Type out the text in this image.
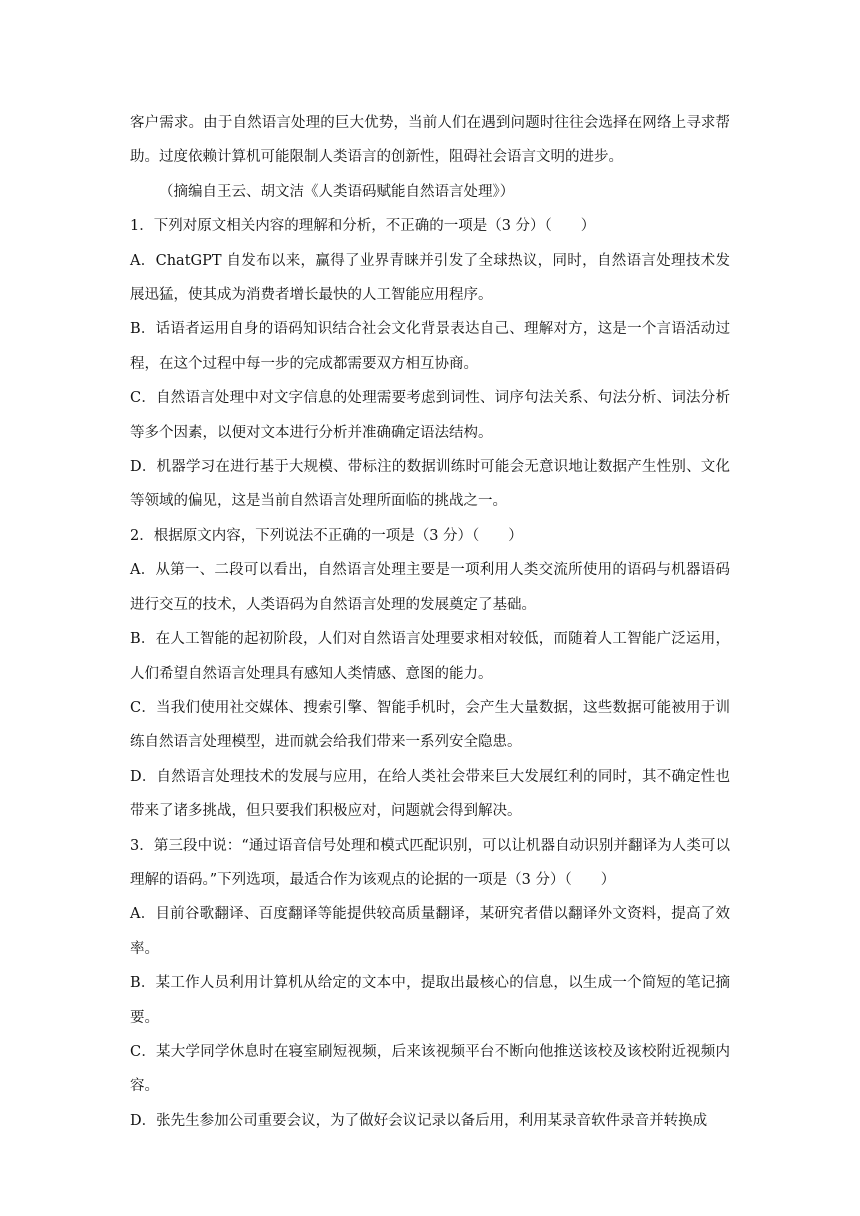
客户需求。由于自然语言处理的巨大优势，当前人们在遇到问题时往往会选择在网络上寻求帮助。过度依赖计算机可能限制人类语言的创新性，阻碍社会语言文明的进步。

（摘编自王云、胡文洁《人类语码赋能自然语言处理》）

1．下列对原文相关内容的理解和分析，不正确的一项是（3 分）（　　）

A．ChatGPT 自发布以来，赢得了业界青睐并引发了全球热议，同时，自然语言处理技术发展迅猛，使其成为消费者增长最快的人工智能应用程序。

B．话语者运用自身的语码知识结合社会文化背景表达自己、理解对方，这是一个言语活动过程，在这个过程中每一步的完成都需要双方相互协商。

C．自然语言处理中对文字信息的处理需要考虑到词性、词序句法关系、句法分析、词法分析等多个因素，以便对文本进行分析并准确确定语法结构。

D．机器学习在进行基于大规模、带标注的数据训练时可能会无意识地让数据产生性别、文化等领域的偏见，这是当前自然语言处理所面临的挑战之一。

2．根据原文内容，下列说法不正确的一项是（3 分）（　　）

A．从第一、二段可以看出，自然语言处理主要是一项利用人类交流所使用的语码与机器语码进行交互的技术，人类语码为自然语言处理的发展奠定了基础。

B．在人工智能的起初阶段，人们对自然语言处理要求相对较低，而随着人工智能广泛运用，人们希望自然语言处理具有感知人类情感、意图的能力。

C．当我们使用社交媒体、搜索引擎、智能手机时，会产生大量数据，这些数据可能被用于训练自然语言处理模型，进而就会给我们带来一系列安全隐患。

D．自然语言处理技术的发展与应用，在给人类社会带来巨大发展红利的同时，其不确定性也带来了诸多挑战，但只要我们积极应对，问题就会得到解决。

3．第三段中说：“通过语音信号处理和模式匹配识别，可以让机器自动识别并翻译为人类可以理解的语码。”下列选项，最适合作为该观点的论据的一项是（3 分）（　　）

A．目前谷歌翻译、百度翻译等能提供较高质量翻译，某研究者借以翻译外文资料，提高了效率。

B．某工作人员利用计算机从给定的文本中，提取出最核心的信息，以生成一个简短的笔记摘要。

C．某大学同学休息时在寝室刷短视频，后来该视频平台不断向他推送该校及该校附近视频内容。

D．张先生参加公司重要会议，为了做好会议记录以备后用，利用某录音软件录音并转换成
